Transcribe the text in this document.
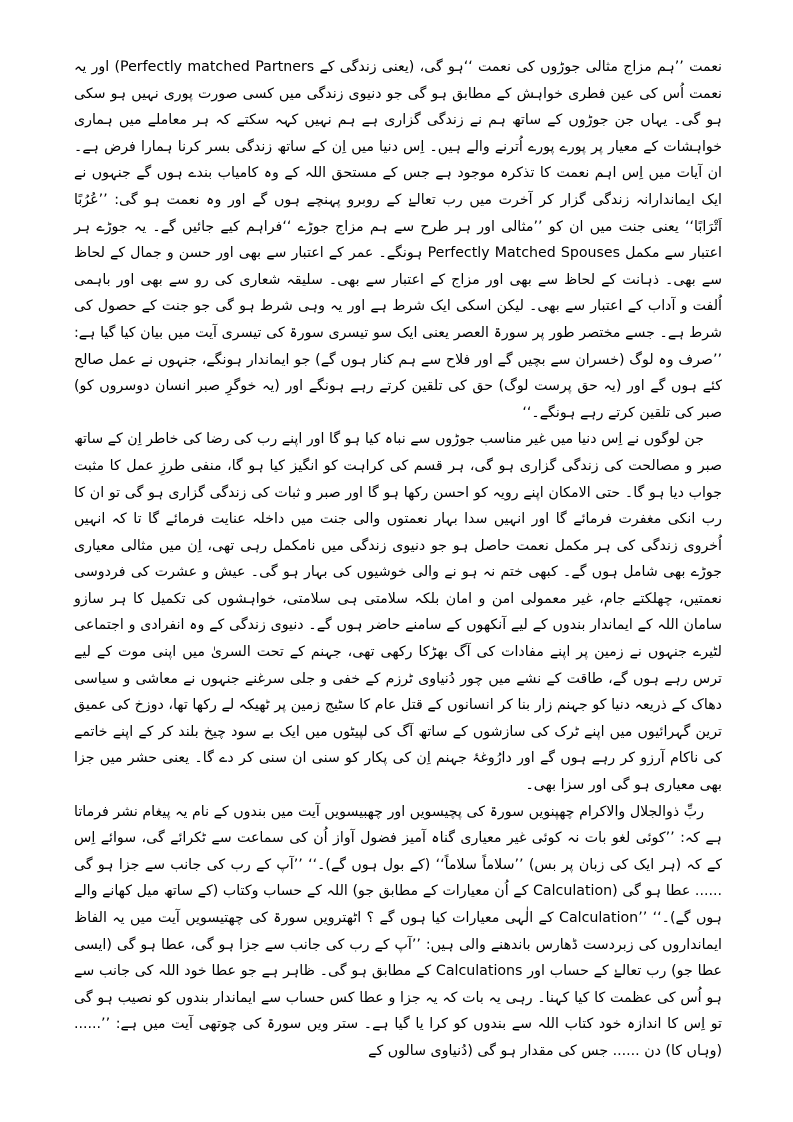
نعمت ’’ہم مزاج مثالی جوڑوں کی نعمت ‘‘ہو گی، (یعنی زندگی کے Perfectly matched Partners) اور یہ نعمت اُس کی عین فطری خواہش کے مطابق ہو گی جو دنیوی زندگی میں کسی صورت پوری نہیں ہو سکی ہو گی۔ یہاں جن جوڑوں کے ساتھ ہم نے زندگی گزاری ہے ہم نہیں کہہ سکتے کہ ہر معاملے میں ہماری خواہشات کے معیار پر پورے پورے اُترنے والے ہیں۔ اِس دنیا میں اِن کے ساتھ زندگی بسر کرنا ہمارا فرض ہے۔ ان آیات میں اِس اہم نعمت کا تذکرہ موجود ہے جس کے مستحق اللہ کے وہ کامیاب بندے ہوں گے جنہوں نے ایک ایماندارانہ زندگی گزار کر آخرت میں رب تعالےٰ کے روبرو پہنچے ہوں گے اور وہ نعمت ہو گی: ’’عُرُبًا اَتْرَابًا‘‘ یعنی جنت میں ان کو ’’مثالی اور ہر طرح سے ہم مزاج جوڑے ‘‘فراہم کیے جائیں گے۔ یہ جوڑے ہر اعتبار سے مکمل Perfectly Matched Spouses ہونگے۔ عمر کے اعتبار سے بھی اور حسن و جمال کے لحاظ سے بھی۔ ذہانت کے لحاظ سے بھی اور مزاج کے اعتبار سے بھی۔ سلیقہ شعاری کی رو سے بھی اور باہمی اُلفت و آداب کے اعتبار سے بھی۔ لیکن اسکی ایک شرط ہے اور یہ وہی شرط ہو گی جو جنت کے حصول کی شرط ہے۔ جسے مختصر طور پر سورۃ العصر یعنی ایک سو تیسری سورۃ کی تیسری آیت میں بیان کیا گیا ہے: ’’صرف وہ لوگ (خسران سے بچیں گے اور فلاح سے ہم کنار ہوں گے) جو ایماندار ہونگے، جنہوں نے عمل صالح کئے ہوں گے اور (یہ حق پرست لوگ) حق کی تلقین کرتے رہے ہونگے اور (یہ خوگرِ صبر انسان دوسروں کو) صبر کی تلقین کرتے رہے ہونگے۔‘‘

جن لوگوں نے اِس دنیا میں غیر مناسب جوڑوں سے نباہ کیا ہو گا اور اپنے رب کی رضا کی خاطر اِن کے ساتھ صبر و مصالحت کی زندگی گزاری ہو گی، ہر قسم کی کراہت کو انگیز کیا ہو گا، منفی طرزِ عمل کا مثبت جواب دیا ہو گا۔ حتی الامکان اپنے رویہ کو احسن رکھا ہو گا اور صبر و ثبات کی زندگی گزاری ہو گی تو ان کا رب انکی مغفرت فرمائے گا اور انہیں سدا بہار نعمتوں والی جنت میں داخلہ عنایت فرمائے گا تا کہ انہیں اُخروی زندگی کی ہر مکمل نعمت حاصل ہو جو دنیوی زندگی میں نامکمل رہی تھی، اِن میں مثالی معیاری جوڑے بھی شامل ہوں گے۔ کبھی ختم نہ ہو نے والی خوشیوں کی بہار ہو گی۔ عیش و عشرت کی فردوسی نعمتیں، چھلکتے جام، غیر معمولی امن و امان بلکہ سلامتی ہی سلامتی، خواہشوں کی تکمیل کا ہر سازو سامان اللہ کے ایماندار بندوں کے لیے آنکھوں کے سامنے حاضر ہوں گے۔ دنیوی زندگی کے وہ انفرادی و اجتماعی لٹیرے جنہوں نے زمین پر اپنے مفادات کی آگ بھڑکا رکھی تھی، جہنم کے تحت السریٰ میں اپنی موت کے لیے ترس رہے ہوں گے، طاقت کے نشے میں چور دُنیاوی ٹرزم کے خفی و جلی سرغنے جنہوں نے معاشی و سیاسی دھاک کے ذریعہ دنیا کو جہنم زار بنا کر انسانوں کے قتل عام کا سٹیج زمین پر ٹھیکہ لے رکھا تھا، دوزخ کی عمیق ترین گہرائیوں میں اپنے ٹرک کی سازشوں کے ساتھ آگ کی لپیٹوں میں ایک بے سود چیخ بلند کر کے اپنے خاتمے کی ناکام آرزو کر رہے ہوں گے اور دارُوغۂ جہنم اِن کی پکار کو سنی ان سنی کر دے گا۔ یعنی حشر میں جزا بھی معیاری ہو گی اور سزا بھی۔

ربِّ ذوالجلال والاکرام چھپنویں سورۃ کی پچیسویں اور چھبیسویں آیت میں بندوں کے نام یہ پیغام نشر فرماتا ہے کہ: ’’کوئی لغو بات نہ کوئی غیر معیاری گناہ آمیز فضول آواز اُن کی سماعت سے ٹکرائے گی، سوائے اِس کے کہ (ہر ایک کی زبان پر بس) ’’سلاماً سلاماً‘‘ (کے بول ہوں گے)۔‘‘ ’’آپ کے رب کی جانب سے جزا ہو گی ...... عطا ہو گی (Calculation کے اُن معیارات کے مطابق جو) اللہ کے حساب وکتاب (کے ساتھ میل کھانے والے ہوں گے)۔‘‘ ’’Calculation کے الٰہی معیارات کیا ہوں گے ؟ اٹھترویں سورۃ کی چھتیسویں آیت میں یہ الفاظ ایمانداروں کی زبردست ڈھارس باندھنے والی ہیں: ’’آپ کے رب کی جانب سے جزا ہو گی، عطا ہو گی (ایسی عطا جو) رب تعالےٰ کے حساب اور Calculations کے مطابق ہو گی۔ ظاہر ہے جو عطا خود اللہ کی جانب سے ہو اُس کی عظمت کا کیا کہنا۔ رہی یہ بات کہ یہ جزا و عطا کس حساب سے ایماندار بندوں کو نصیب ہو گی تو اِس کا اندازہ خود کتاب اللہ سے بندوں کو کرا یا گیا ہے۔ ستر ویں سورۃ کی چوتھی آیت میں ہے: ’’...... (وہاں کا) دن ...... جس کی مقدار ہو گی (دُنیاوی سالوں کے
